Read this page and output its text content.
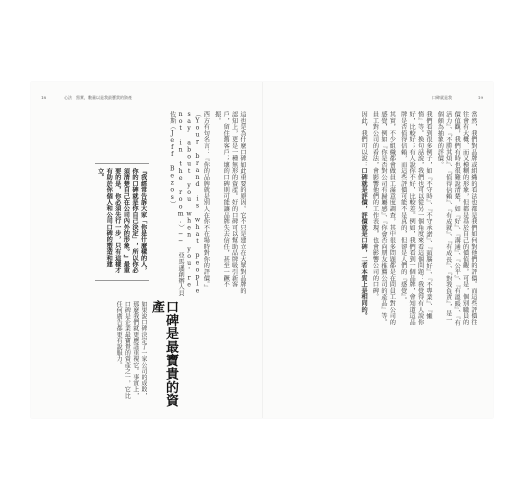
18	心法　寫實，數量以是我最寶貴的資產	口碑就是我	19

當然，我們對品牌或組織的看法也都是我們如何對他們的評價。而這些評價往往會有大概、而又模糊的形象，但都是基於自己的價值觀。可是，個別職員的價值觀，我們有時也很難說清楚，如『好』、『溝通』、『公平』、『有溫暖』、『有活力』、『不勝其煩』、『值得信賴』、『有成就』、『有成長』、『對我負責』，是一個頗為抽象的評價。

我們看到很多例子，如『不守時』、『不守承諾』、『頭腦好』、『不專業』、『懶惰』等。換句話說，我們也可以從另一個角度來看這個問題：我覺得有人說你好，比較好；有人說你不好，比較差。例如，我們看到一個品牌，會知道這品牌是否值得信賴，而這些評價可能不是真的，但卻是人們的『感覺』。

其實，不少組織都會做員工滿意度調查，其中很多問題都是在問員工對公司的感覺，例如『你是否對公司有歸屬感』、『你會否向朋友推薦公司的產品』等。員工對公司的看法，會影響他們的工作表現，也會影響公司的口碑。

因此，我們可以說：口碑就是評價，評價就是口碑，二者本質上是相同的。

這也是為什麼口碑如此重要的原因。它不只是建立在大眾對品牌的認知上，更是一種無形的資產。好的口碑可以幫助品牌吸引新客戶，留住舊客戶；壞的口碑則可能讓品牌失去信任，甚至一蹶不振。

西方有句名言：『你的品牌就是別人在你不在場時對你的評價。』（Your brand is what people say about you when you're not in the room.）── 亞馬遜創辦人貝佐斯（Jeff Bezos）

『我經常告訴大家「你是什麼樣的人，你的口碑就是你自己決定」，所以你必須清楚自己在公司內外的形象。』最重要的是，你必須先行一步，只有這樣才有助於你個人和公司口碑的塑造和建立。
口碑是最寶貴的資產

如果說口碑決定了一家公司的成敗，那麼我們就更應該重視它。事實上，口碑是企業最寶貴的資產之一，它比任何廣告都更有說服力。
